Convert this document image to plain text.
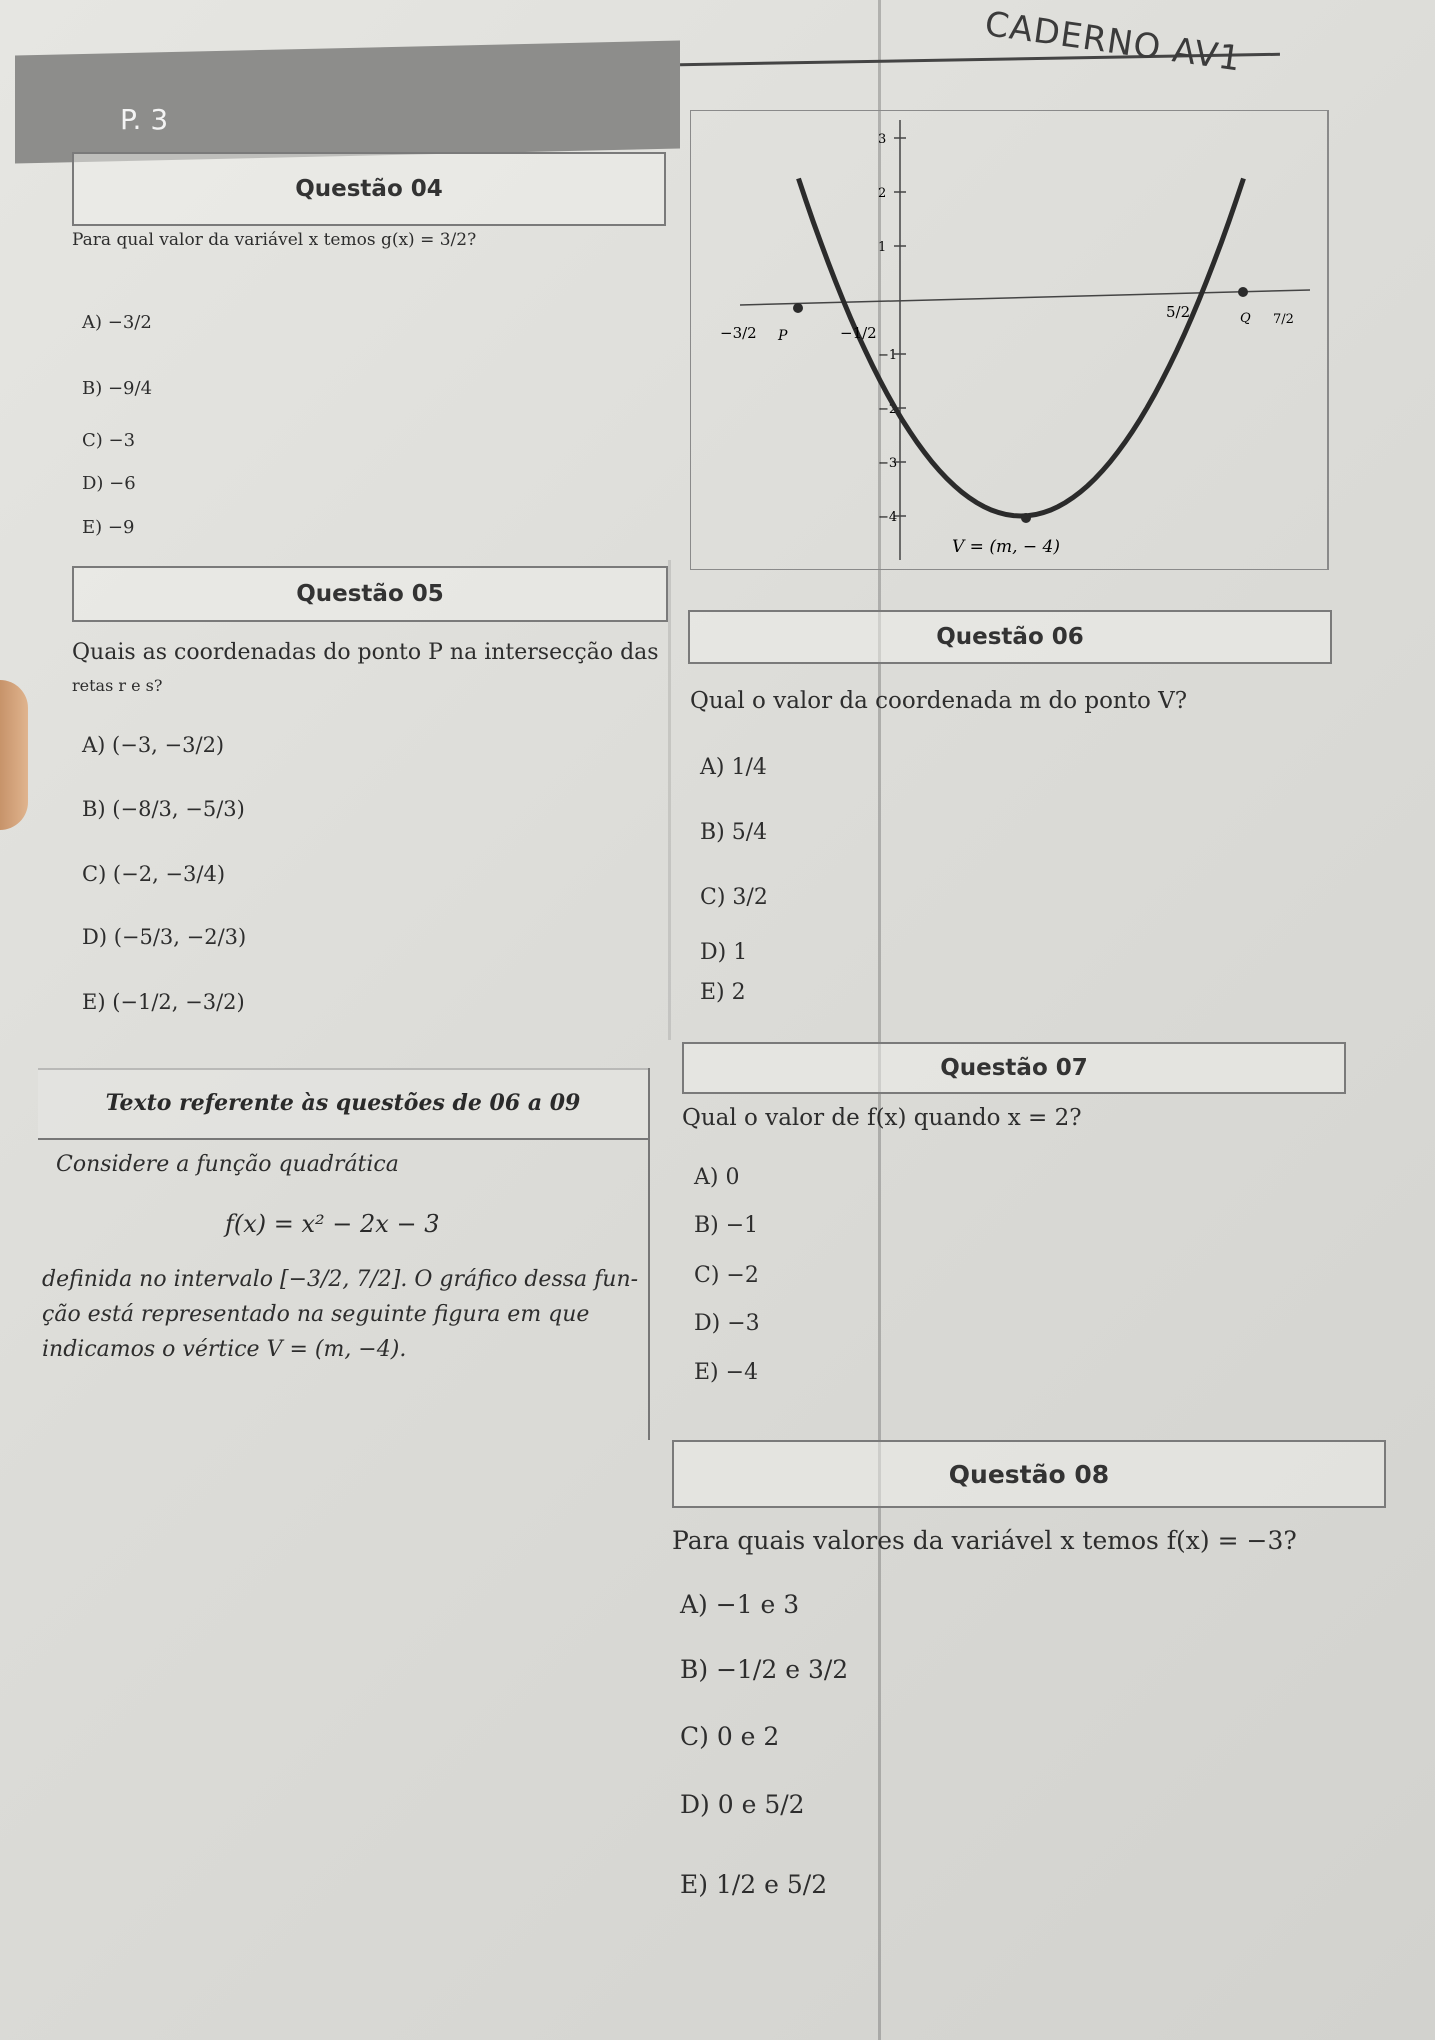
P. 3
CADERNO AV1
Questão 04
Para qual valor da variável x temos g(x) = 3/2?
A) −3/2
B) −9/4
C) −3
D) −6
E) −9
Questão 05
Quais as coordenadas do ponto P na intersecção das
retas r e s?
A) (−3, −3/2)
B) (−8/3, −5/3)
C) (−2, −3/4)
D) (−5/3, −2/3)
E) (−1/2, −3/2)
3
2
1
−1
−2
−3
−4
−3/2	−1/2
5/2	7/2
P
Q
V = (m, − 4)
Questão 06
Qual o valor da coordenada m do ponto V?
A) 1/4
B) 5/4
C) 3/2
D) 1
E) 2
Texto referente às questões de 06 a 09
Considere a função quadrática
f(x) = x² − 2x − 3
definida no intervalo [−3/2, 7/2]. O gráfico dessa fun-
ção está representado na seguinte figura em que
indicamos o vértice V = (m, −4).
Questão 07
Qual o valor de f(x) quando x = 2?
A) 0
B) −1
C) −2
D) −3
E) −4
Questão 08
Para quais valores da variável x temos f(x) = −3?
A) −1 e 3
B) −1/2 e 3/2
C) 0 e 2
D) 0 e 5/2
E) 1/2 e 5/2
